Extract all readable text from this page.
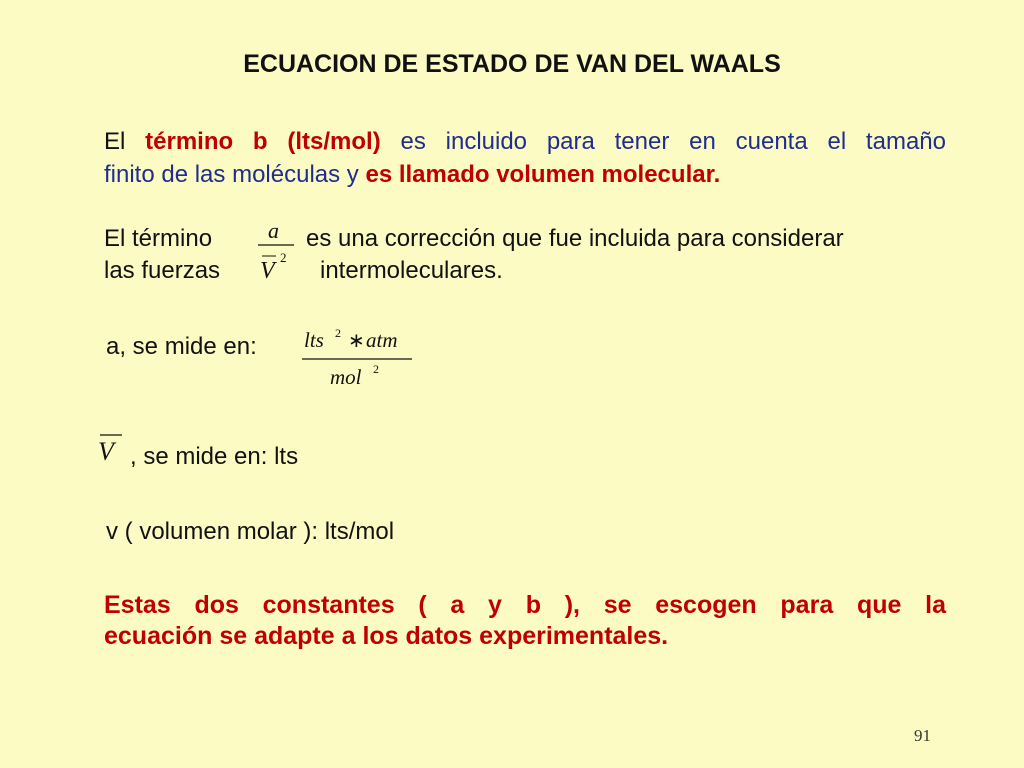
ECUACION DE ESTADO DE VAN DEL WAALS
El término b (lts/mol) es incluido para tener en cuenta el tamaño
finito de las moléculas y es llamado volumen molecular.
El término	es una corrección que fue incluida para considerar
a
V
2
las fuerzas	intermoleculares.
a, se mide en: lts 2 ∗ atm
mol 2
V , se mide en: lts
v ( volumen molar ): lts/mol
Estas dos constantes ( a y b ), se escogen para que la
ecuación se adapte a los datos experimentales.
91
